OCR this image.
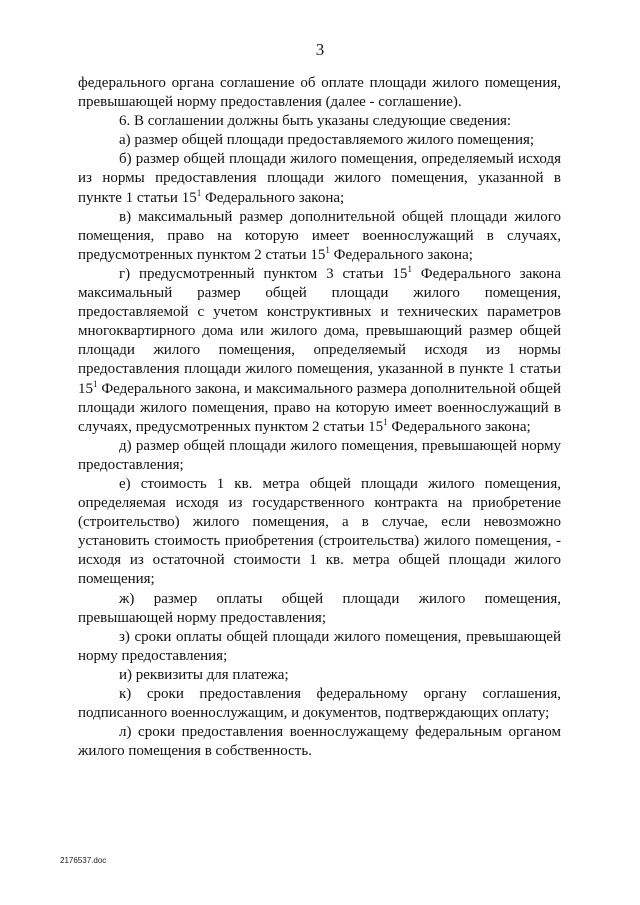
3

федерального органа соглашение об оплате площади жилого помещения, превышающей норму предоставления (далее - соглашение).

6. В соглашении должны быть указаны следующие сведения:

а) размер общей площади предоставляемого жилого помещения;

б) размер общей площади жилого помещения, определяемый исходя из нормы предоставления площади жилого помещения, указанной в пункте 1 статьи $15^1$ Федерального закона;

в) максимальный размер дополнительной общей площади жилого помещения, право на которую имеет военнослужащий в случаях, предусмотренных пунктом 2 статьи $15^1$ Федерального закона;

г) предусмотренный пунктом 3 статьи $15^1$ Федерального закона максимальный размер общей площади жилого помещения, предоставляемой с учетом конструктивных и технических параметров многоквартирного дома или жилого дома, превышающий размер общей площади жилого помещения, определяемый исходя из нормы предоставления площади жилого помещения, указанной в пункте 1 статьи $15^1$ Федерального закона, и максимального размера дополнительной общей площади жилого помещения, право на которую имеет военнослужащий в случаях, предусмотренных пунктом 2 статьи $15^1$ Федерального закона;

д) размер общей площади жилого помещения, превышающей норму предоставления;

е) стоимость 1 кв. метра общей площади жилого помещения, определяемая исходя из государственного контракта на приобретение (строительство) жилого помещения, а в случае, если невозможно установить стоимость приобретения (строительства) жилого помещения, - исходя из остаточной стоимости 1 кв. метра общей площади жилого помещения;

ж) размер оплаты общей площади жилого помещения, превышающей норму предоставления;

з) сроки оплаты общей площади жилого помещения, превышающей норму предоставления;

и) реквизиты для платежа;

к) сроки предоставления федеральному органу соглашения, подписанного военнослужащим, и документов, подтверждающих оплату;

л) сроки предоставления военнослужащему федеральным органом жилого помещения в собственность.

2176537.doc
